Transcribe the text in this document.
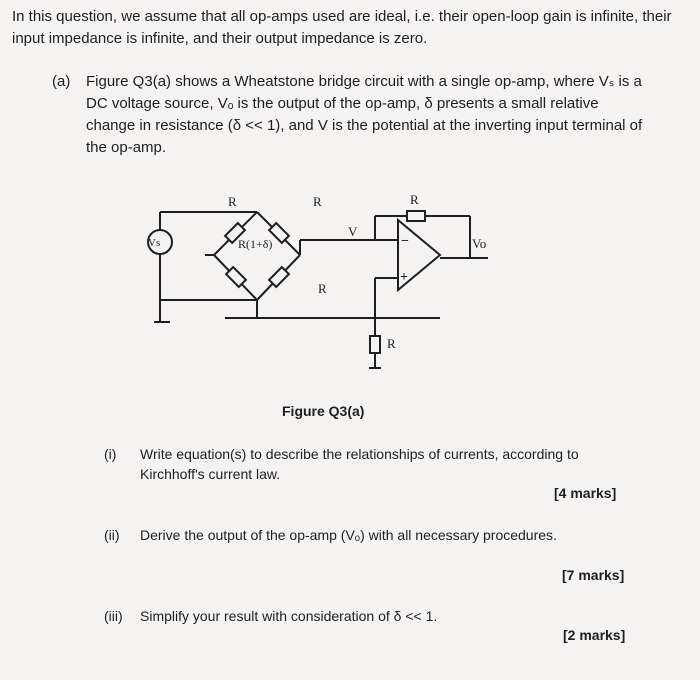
In this question, we assume that all op-amps used are ideal, i.e. their open-loop gain is infinite, their input impedance is infinite, and their output impedance is zero.
(a) Figure Q3(a) shows a Wheatstone bridge circuit with a single op-amp, where Vₛ is a DC voltage source, Vₒ is the output of the op-amp, δ presents a small relative change in resistance (δ << 1), and V is the potential at the inverting input terminal of the op-amp.
R	R	R
Vs	R(1+δ)
R
V
Vo
R
−
+
Figure Q3(a)
(i) Write equation(s) to describe the relationships of currents, according to Kirchhoff's current law.
[4 marks]
(ii) Derive the output of the op-amp (Vₒ) with all necessary procedures.
[7 marks]
(iii) Simplify your result with consideration of δ << 1.
[2 marks]
